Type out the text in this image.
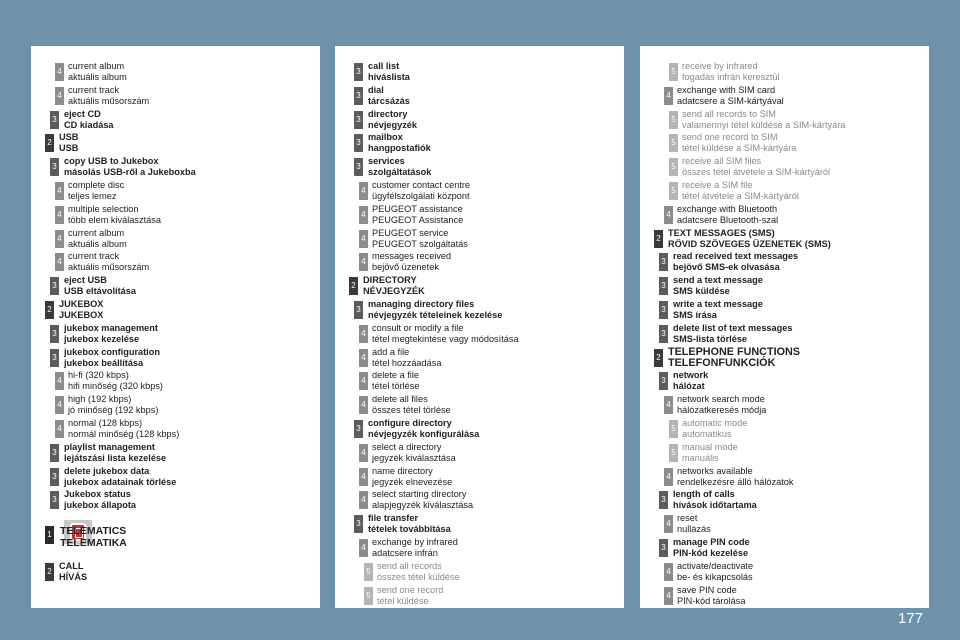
4
current album
aktuális album
4
current track
aktuális műsorszám
3
eject CD
CD kiadása
2
USB
USB
3
copy USB to Jukebox
másolás USB-ről a Jukeboxba
4
complete disc
teljes lemez
4
multiple selection
több elem kiválasztása
4
current album
aktuális album
4
current track
aktuális műsorszám
3
eject USB
USB eltávolítása
2
JUKEBOX
JUKEBOX
3
jukebox management
jukebox kezelése
3
jukebox configuration
jukebox beállítása
4
hi-fi (320 kbps)
hifi minőség (320 kbps)
4
high (192 kbps)
jó minőség (192 kbps)
4
normal (128 kbps)
normál minőség (128 kbps)
3
playlist management
lejátszási lista kezelése
3
delete jukebox data
jukebox adatainak törlése
3
Jukebox status
jukebox állapota
1 TELEMATICS
TELEMATIKA
2
CALL
HÍVÁS
3
call list
híváslista
3
dial
tárcsázás
3
directory
névjegyzék
3
mailbox
hangpostafiók
3
services
szolgáltatások
4
customer contact centre
ügyfélszolgálati központ
4
PEUGEOT assistance
PEUGEOT Assistance
4
PEUGEOT service
PEUGEOT szolgáltatás
4
messages received
bejövő üzenetek
2
DIRECTORY
NÉVJEGYZÉK
3
managing directory files
névjegyzék tételeinek kezelése
4
consult or modify a file
tétel megtekintése vagy módosítása
4
add a file
tétel hozzáadása
4
delete a file
tétel törlése
4
delete all files
összes tétel törlése
3
configure directory
névjegyzék konfigurálása
4
select a directory
jegyzék kiválasztása
4
name directory
jegyzék elnevezése
4
select starting directory
alapjegyzék kiválasztása
3
file transfer
tételek továbbítása
4
exchange by infrared
adatcsere infrán
5
send all records
összes tétel küldése
5
send one record
tétel küldése
5
receive by infrared
fogadás infrán keresztül
4
exchange with SIM card
adatcsere a SIM-kártyával
5
send all records to SIM
valamennyi tétel küldése a SIM-kártyára
5
send one record to SIM
tétel küldése a SIM-kártyára
5
receive all SIM files
összes tétel átvétele a SIM-kártyáról
5
receive a SIM file
tétel átvétele a SIM-kártyáról
4
exchange with Bluetooth
adatcsere Bluetooth-szal
2
TEXT MESSAGES (SMS)
RÖVID SZÖVEGES ÜZENETEK (SMS)
3
read received text messages
bejövő SMS-ek olvasása
3
send a text message
SMS küldése
3
write a text message
SMS írása
3
delete list of text messages
SMS-lista törlése
2 TELEPHONE FUNCTIONS
TELEFONFUNKCIÓK
3
network
hálózat
4
network search mode
hálózatkeresés módja
5
automatic mode
automatikus
5
manual mode
manuális
4
networks available
rendelkezésre álló hálózatok
3
length of calls
hívások időtartama
4
reset
nullázás
3
manage PIN code
PIN-kód kezelése
4
activate/deactivate
be- és kikapcsolás
4
save PIN code
PIN-kód tárolása
177
